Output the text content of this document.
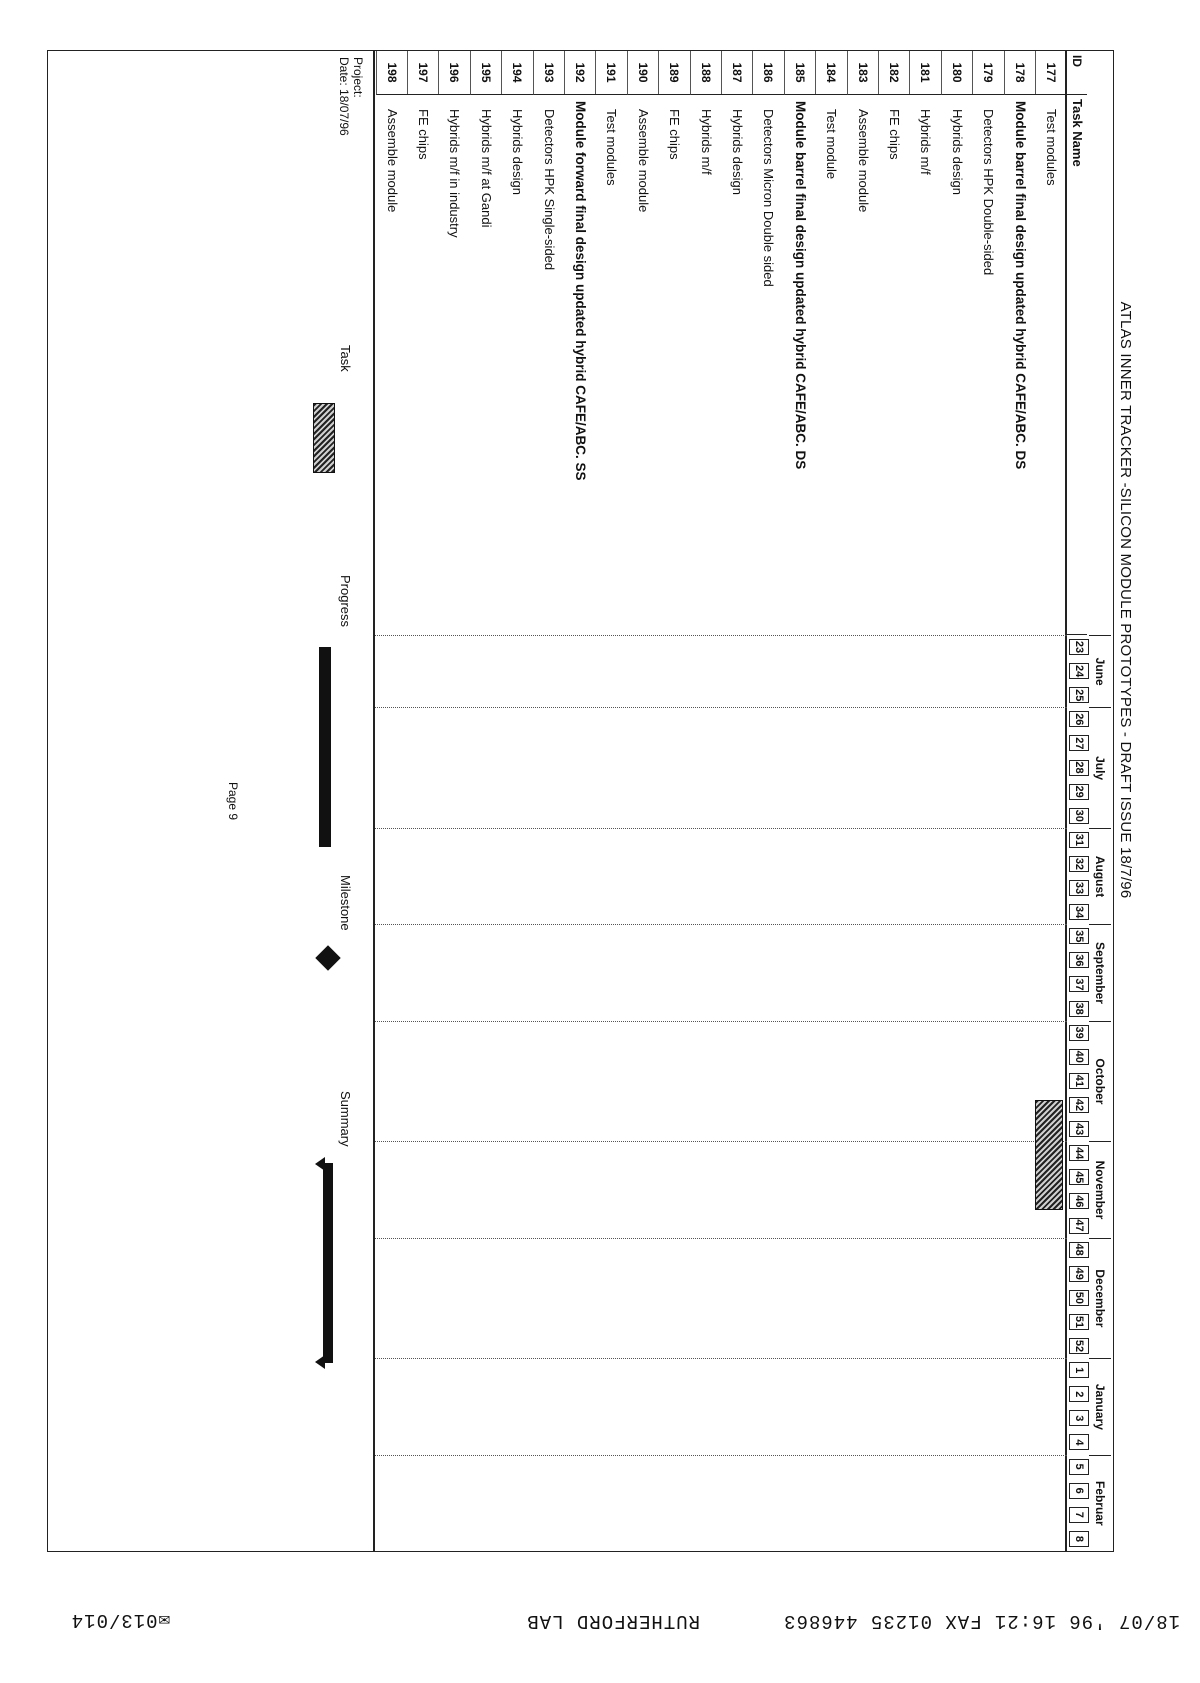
18/07 '96 16:21 FAX 01235 446863
RUTHERFORD LAB
✉013/014
ATLAS INNER TRACKER -SILICON MODULE PROTOTYPES - DRAFT ISSUE 18/7/96
ID
Task Name
June
July
August
September
October
November
December
January
Februar
23
24
25
26
27
28
29
30
31
32
33
34
35
36
37
38
39
40
41
42
43
44
45
46
47
48
49
50
51
52
1
2
3
4
5
6
7
8
177
Test modules
178
Module barrel final design updated hybrid CAFE/ABC. DS
179
Detectors HPK Double-sided
180
Hybrids design
181
Hybrids m/f
182
FE chips
183
Assemble module
184
Test module
185
Module barrel final design updated hybrid CAFE/ABC. DS
186
Detectors Micron Double sided
187
Hybrids design
188
Hybrids m/f
189
FE chips
190
Assemble module
191
Test modules
192
Module forward final design updated hybrid CAFE/ABC. SS
193
Detectors HPK Single-sided
194
Hybrids design
195
Hybrids m/f at Gandi
196
Hybrids m/f in industry
197
FE chips
198
Assemble module
Project:
Date: 18/07/96
Task
Progress
Milestone
Summary
Page 9
